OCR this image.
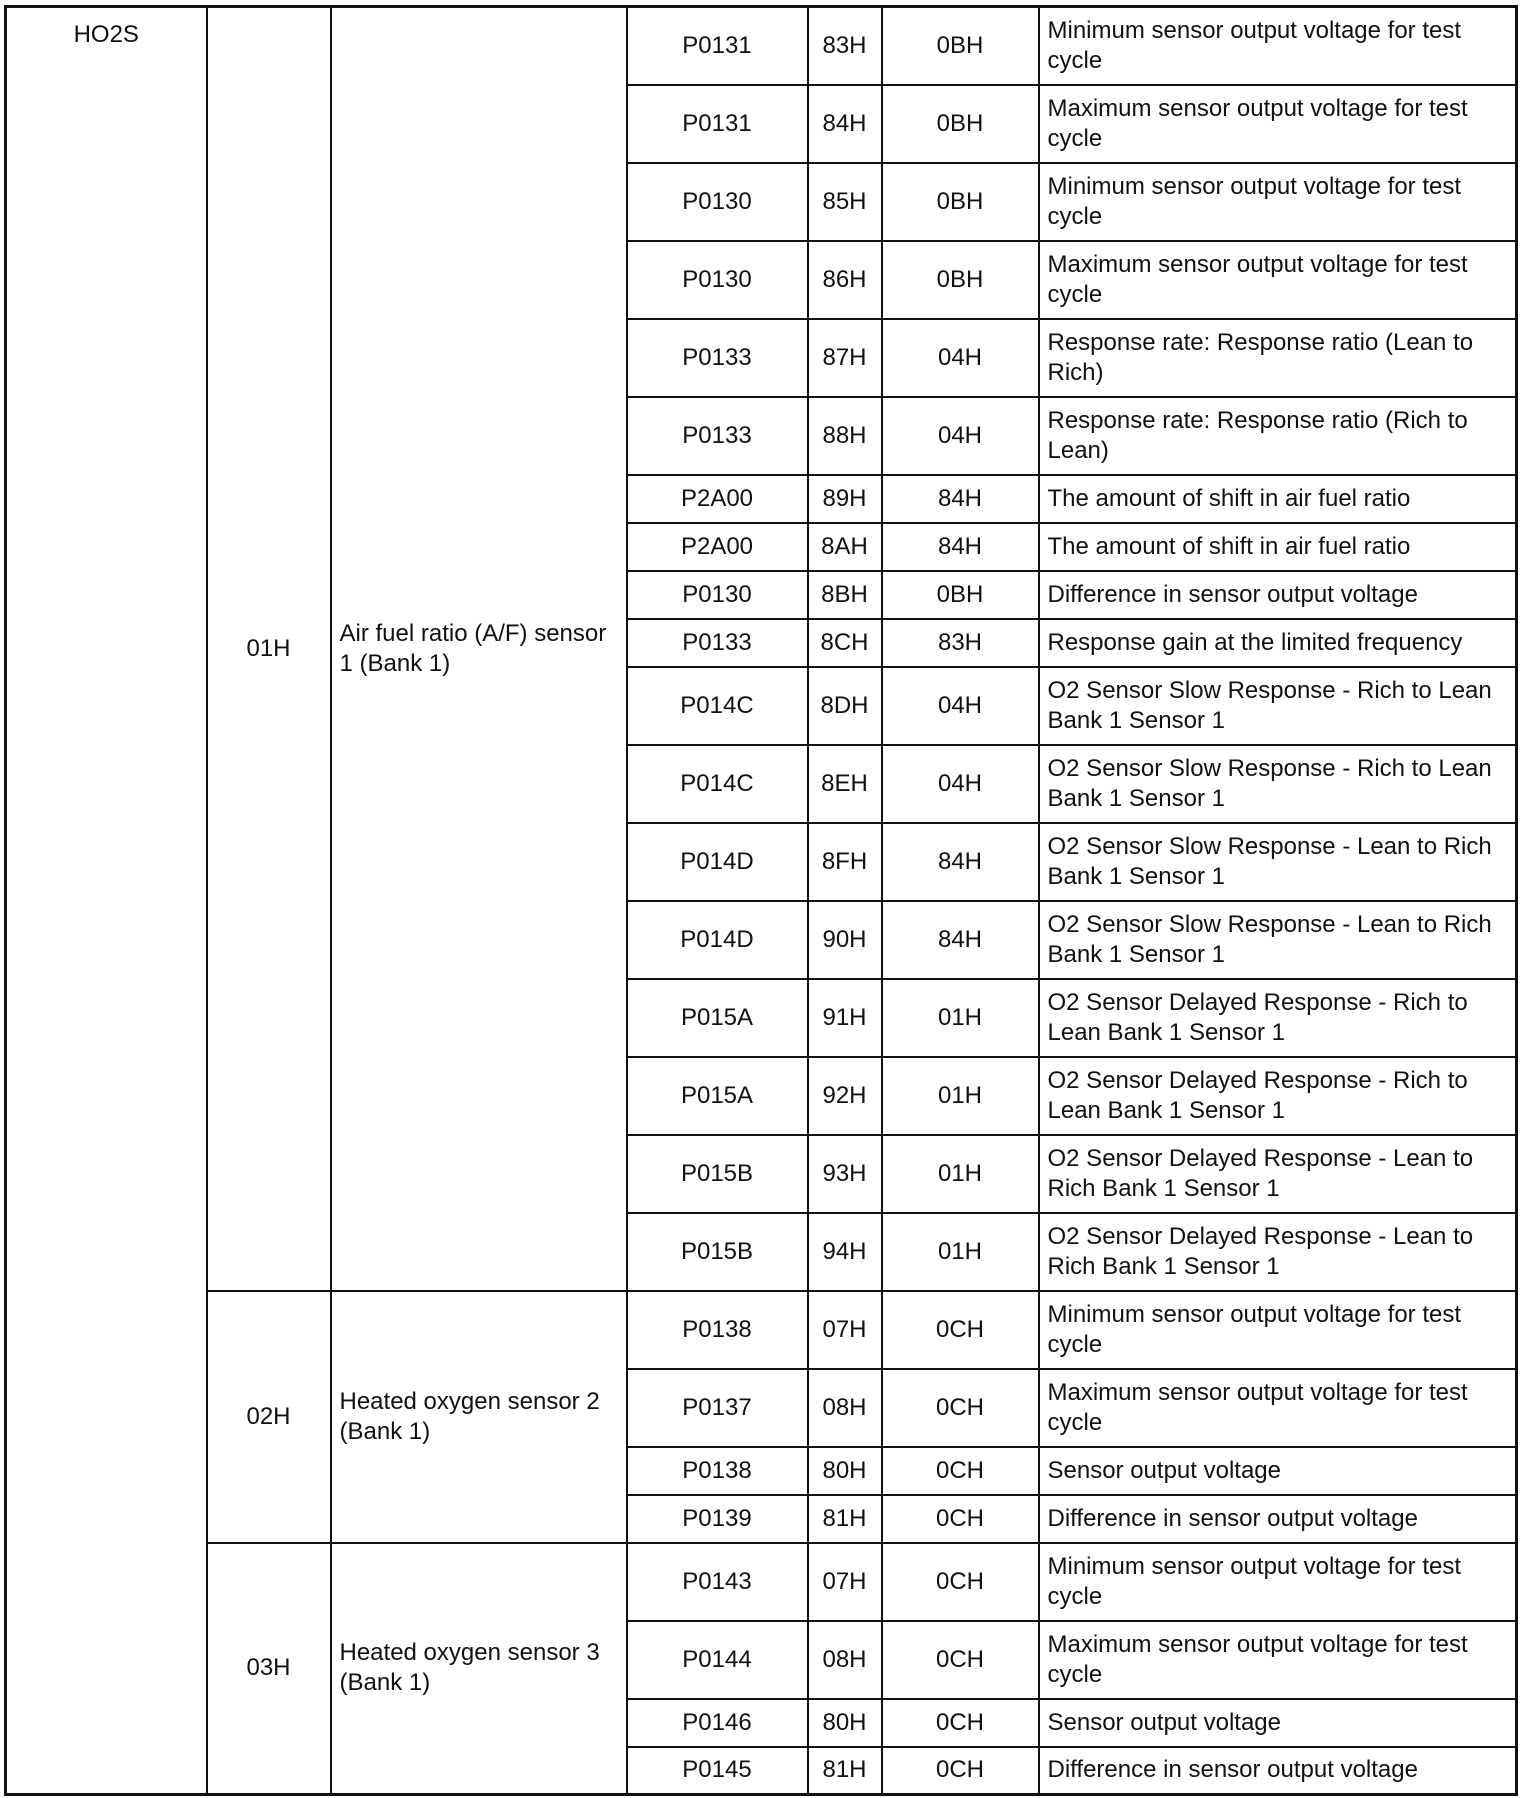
HO2S	01H	Air fuel ratio (A/F) sensor 1 (Bank 1)	P0131	83H	0BH	Minimum sensor output voltage for test cycle
			P0131	84H	0BH	Maximum sensor output voltage for test cycle
			P0130	85H	0BH	Minimum sensor output voltage for test cycle
			P0130	86H	0BH	Maximum sensor output voltage for test cycle
			P0133	87H	04H	Response rate: Response ratio (Lean to Rich)
			P0133	88H	04H	Response rate: Response ratio (Rich to Lean)
			P2A00	89H	84H	The amount of shift in air fuel ratio
			P2A00	8AH	84H	The amount of shift in air fuel ratio
			P0130	8BH	0BH	Difference in sensor output voltage
			P0133	8CH	83H	Response gain at the limited frequency
			P014C	8DH	04H	O2 Sensor Slow Response - Rich to Lean Bank 1 Sensor 1
			P014C	8EH	04H	O2 Sensor Slow Response - Rich to Lean Bank 1 Sensor 1
			P014D	8FH	84H	O2 Sensor Slow Response - Lean to Rich Bank 1 Sensor 1
			P014D	90H	84H	O2 Sensor Slow Response - Lean to Rich Bank 1 Sensor 1
			P015A	91H	01H	O2 Sensor Delayed Response - Rich to Lean Bank 1 Sensor 1
			P015A	92H	01H	O2 Sensor Delayed Response - Rich to Lean Bank 1 Sensor 1
			P015B	93H	01H	O2 Sensor Delayed Response - Lean to Rich Bank 1 Sensor 1
			P015B	94H	01H	O2 Sensor Delayed Response - Lean to Rich Bank 1 Sensor 1
	02H	Heated oxygen sensor 2 (Bank 1)	P0138	07H	0CH	Minimum sensor output voltage for test cycle
			P0137	08H	0CH	Maximum sensor output voltage for test cycle
			P0138	80H	0CH	Sensor output voltage
			P0139	81H	0CH	Difference in sensor output voltage
	03H	Heated oxygen sensor 3 (Bank 1)	P0143	07H	0CH	Minimum sensor output voltage for test cycle
			P0144	08H	0CH	Maximum sensor output voltage for test cycle
			P0146	80H	0CH	Sensor output voltage
			P0145	81H	0CH	Difference in sensor output voltage
